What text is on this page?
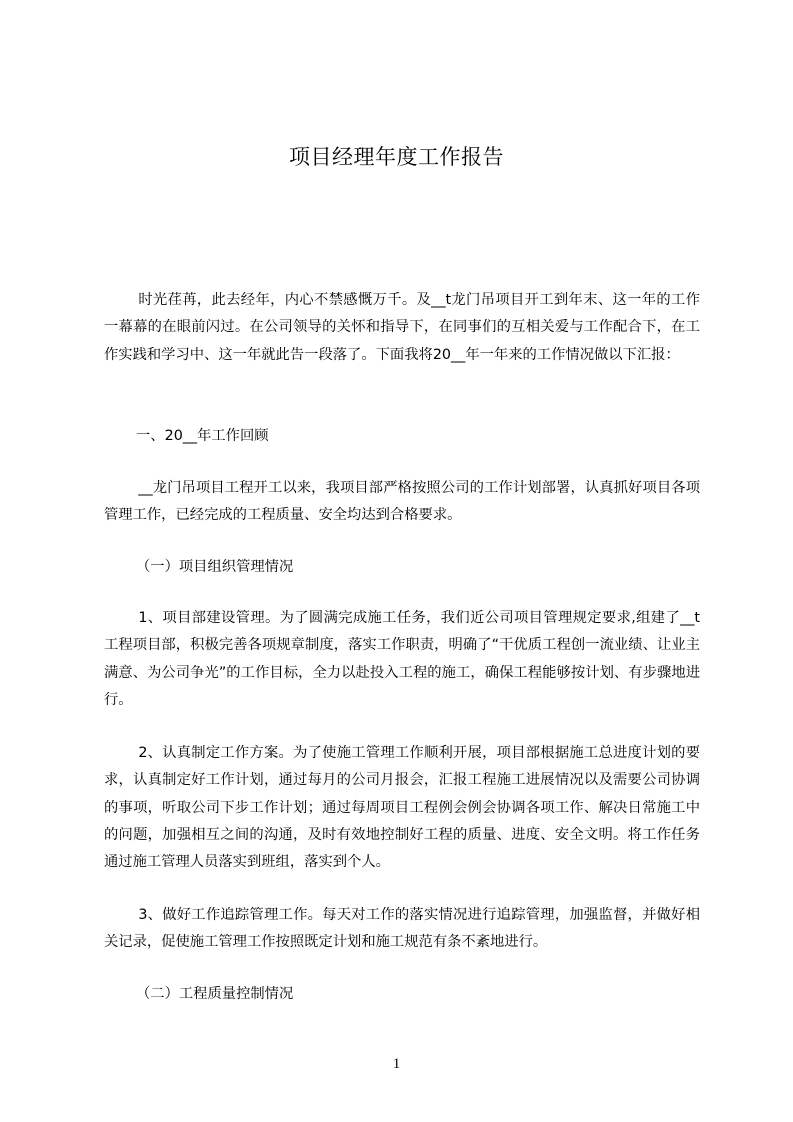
项目经理年度工作报告

时光荏苒，此去经年，内心不禁感慨万千。及__t龙门吊项目开工到年末、这一年的工作一幕幕的在眼前闪过。在公司领导的关怀和指导下，在同事们的互相关爱与工作配合下，在工作实践和学习中、这一年就此告一段落了。下面我将20__年一年来的工作情况做以下汇报：

一、20__年工作回顾

__龙门吊项目工程开工以来，我项目部严格按照公司的工作计划部署，认真抓好项目各项管理工作，已经完成的工程质量、安全均达到合格要求。

（一）项目组织管理情况

1、项目部建设管理。为了圆满完成施工任务，我们近公司项目管理规定要求,组建了__t工程项目部，积极完善各项规章制度，落实工作职责，明确了“干优质工程创一流业绩、让业主满意、为公司争光”的工作目标，全力以赴投入工程的施工，确保工程能够按计划、有步骤地进行。

2、认真制定工作方案。为了使施工管理工作顺利开展，项目部根据施工总进度计划的要求，认真制定好工作计划，通过每月的公司月报会，汇报工程施工进展情况以及需要公司协调的事项，听取公司下步工作计划；通过每周项目工程例会例会协调各项工作、解决日常施工中的问题，加强相互之间的沟通，及时有效地控制好工程的质量、进度、安全文明。将工作任务通过施工管理人员落实到班组，落实到个人。

3、做好工作追踪管理工作。每天对工作的落实情况进行追踪管理，加强监督，并做好相关记录，促使施工管理工作按照既定计划和施工规范有条不紊地进行。

（二）工程质量控制情况

1
